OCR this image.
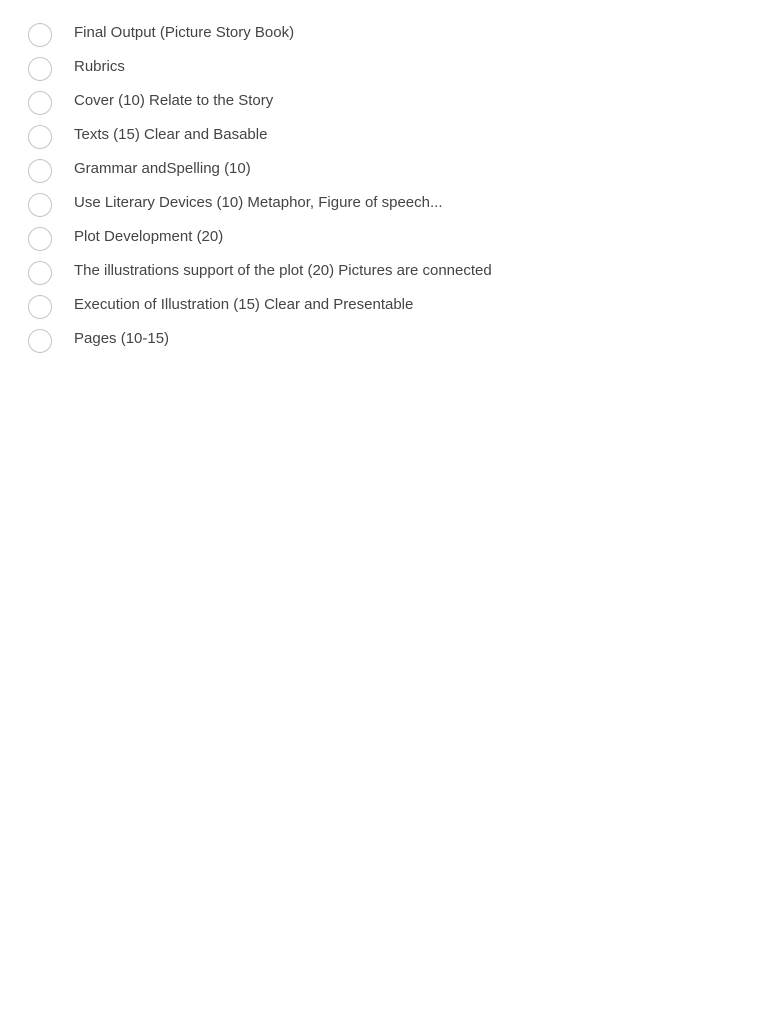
Final Output (Picture Story Book)
Rubrics
Cover (10) Relate to the Story
Texts (15) Clear and Basable
Grammar andSpelling (10)
Use Literary Devices (10) Metaphor, Figure of speech...
Plot Development (20)
The illustrations support of the plot (20) Pictures are connected
Execution of Illustration (15) Clear and Presentable
Pages (10-15)
